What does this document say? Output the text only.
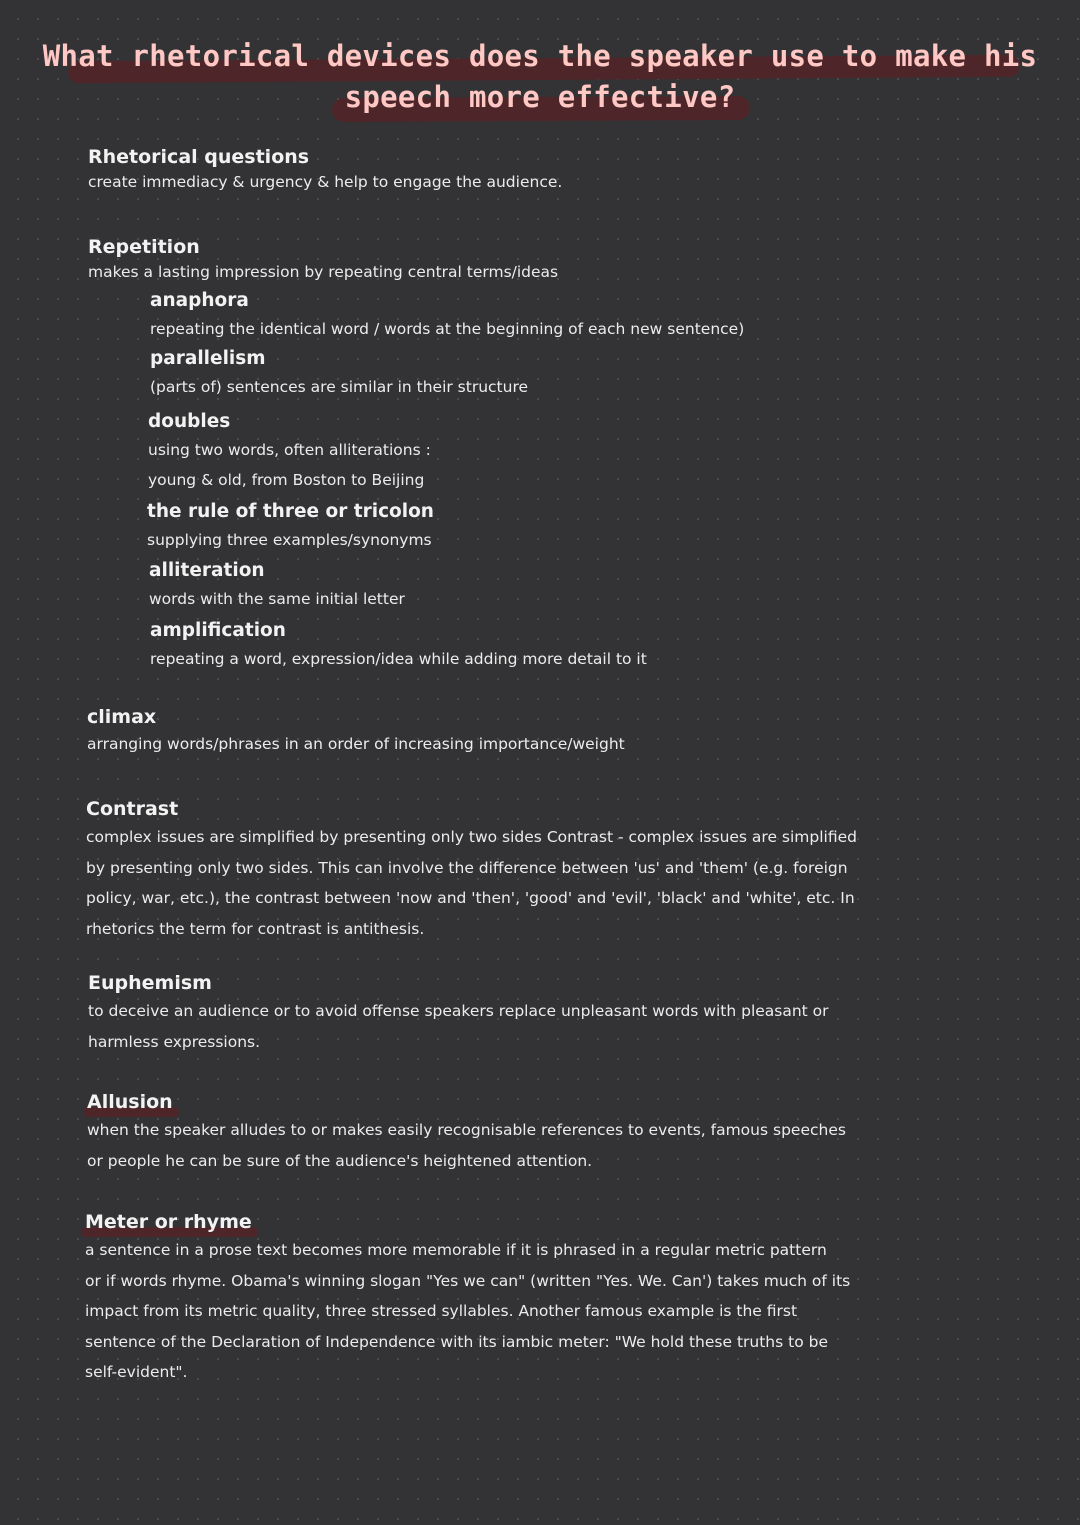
What rhetorical devices does the speaker use to make his
speech more effective?
Rhetorical questions
create immediacy & urgency & help to engage the audience.
Repetition
makes a lasting impression by repeating central terms/ideas
anaphora
repeating the identical word / words at the beginning of each new sentence)
parallelism
(parts of) sentences are similar in their structure
doubles
using two words, often alliterations :
young & old, from Boston to Beijing
the rule of three or tricolon
supplying three examples/synonyms
alliteration
words with the same initial letter
amplification
repeating a word, expression/idea while adding more detail to it
climax
arranging words/phrases in an order of increasing importance/weight
Contrast
complex issues are simplified by presenting only two sides Contrast - complex issues are simplified
by presenting only two sides. This can involve the difference between 'us' and 'them' (e.g. foreign
policy, war, etc.), the contrast between 'now and 'then', 'good' and 'evil', 'black' and 'white', etc. In
rhetorics the term for contrast is antithesis.
Euphemism
to deceive an audience or to avoid offense speakers replace unpleasant words with pleasant or
harmless expressions.
Allusion
when the speaker alludes to or makes easily recognisable references to events, famous speeches
or people he can be sure of the audience's heightened attention.
Meter or rhyme
a sentence in a prose text becomes more memorable if it is phrased in a regular metric pattern
or if words rhyme. Obama's winning slogan "Yes we can" (written "Yes. We. Can') takes much of its
impact from its metric quality, three stressed syllables. Another famous example is the first
sentence of the Declaration of Independence with its iambic meter: "We hold these truths to be
self-evident".
